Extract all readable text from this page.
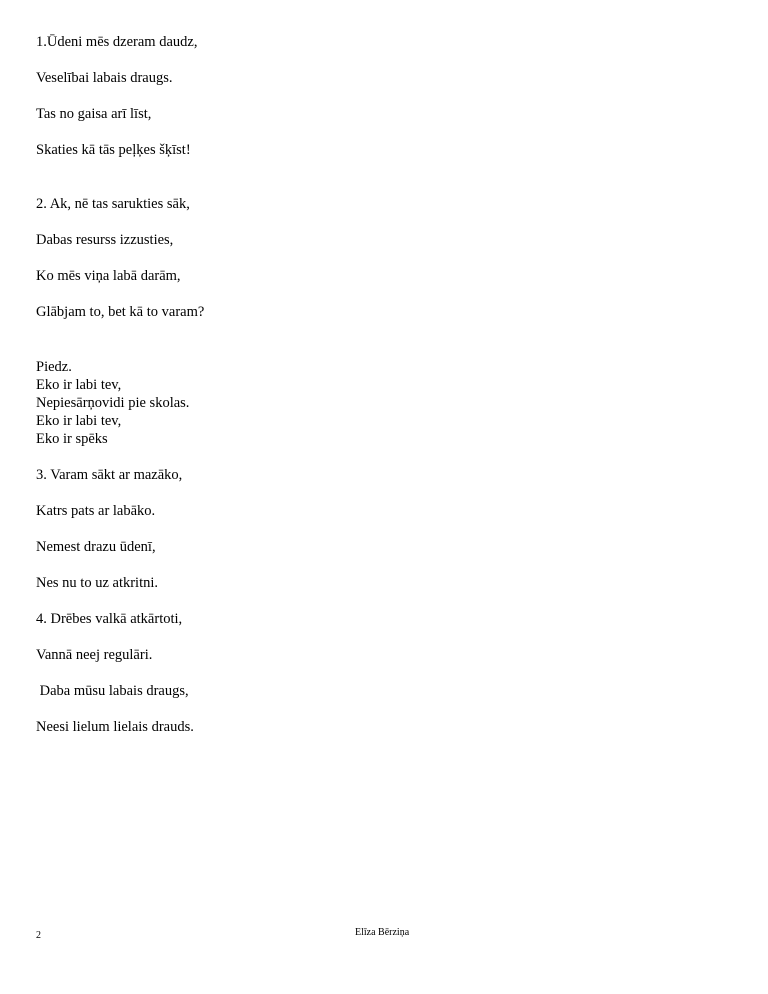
1.Ūdeni mēs dzeram daudz,

Veselībai labais draugs.

Tas no gaisa arī līst,

Skaties kā tās peļķes šķīst!

2. Ak, nē tas sarukties sāk,

Dabas resurss izzusties,

Ko mēs viņa labā darām,

Glābjam to, bet kā to varam?

Piedz.

Eko ir labi tev,

Nepiesārņovidi pie skolas.

Eko ir labi tev,

Eko ir spēks

3. Varam sākt ar mazāko,

Katrs pats ar labāko.

Nemest drazu ūdenī,

Nes nu to uz atkritni.

4. Drēbes valkā atkārtoti,

Vannā neej regulāri.

Daba mūsu labais draugs,

Neesi lielum lielais drauds.

2	Elīza Bērziņa
